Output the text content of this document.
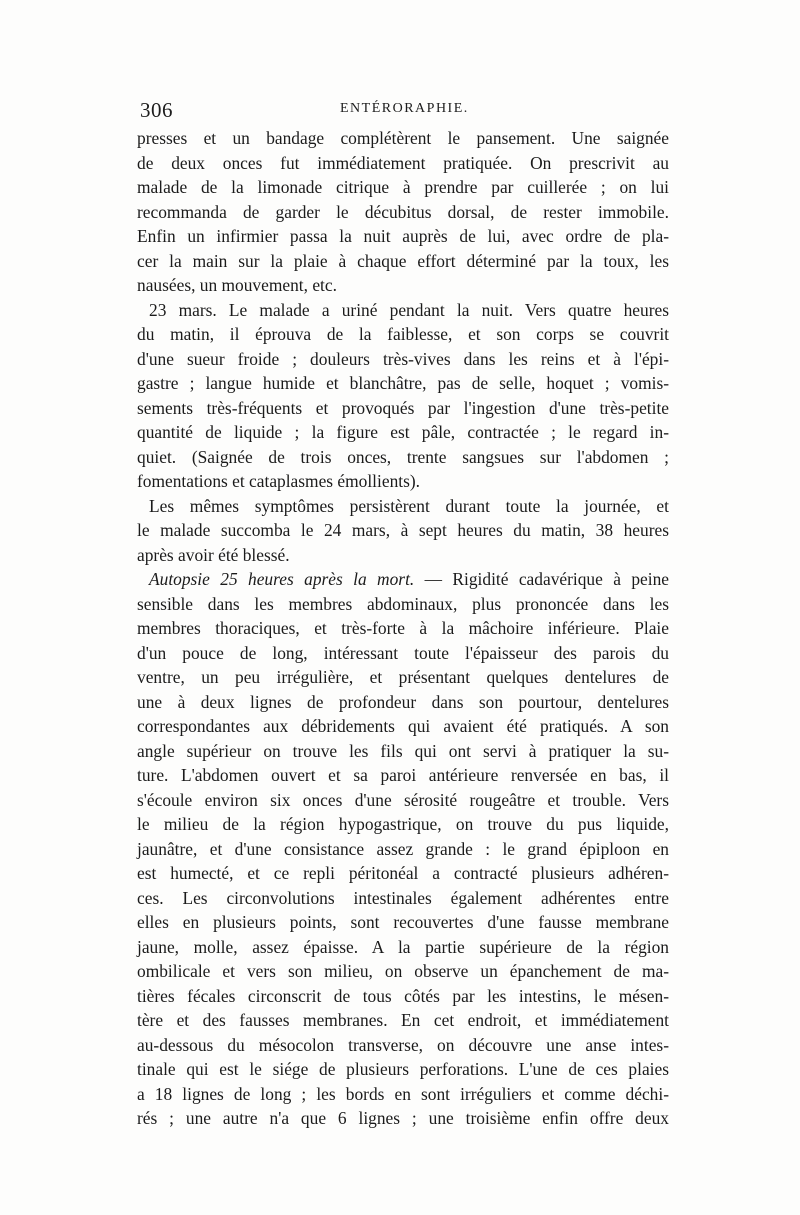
306	ENTÉRORAPHIE.
presses et un bandage complétèrent le pansement. Une saignée
de deux onces fut immédiatement pratiquée. On prescrivit au
malade de la limonade citrique à prendre par cuillerée ; on lui
recommanda de garder le décubitus dorsal, de rester immobile.
Enfin un infirmier passa la nuit auprès de lui, avec ordre de pla-
cer la main sur la plaie à chaque effort déterminé par la toux, les
nausées, un mouvement, etc.
23 mars. Le malade a uriné pendant la nuit. Vers quatre heures
du matin, il éprouva de la faiblesse, et son corps se couvrit
d'une sueur froide ; douleurs très-vives dans les reins et à l'épi-
gastre ; langue humide et blanchâtre, pas de selle, hoquet ; vomis-
sements très-fréquents et provoqués par l'ingestion d'une très-petite
quantité de liquide ; la figure est pâle, contractée ; le regard in-
quiet. (Saignée de trois onces, trente sangsues sur l'abdomen ;
fomentations et cataplasmes émollients).
Les mêmes symptômes persistèrent durant toute la journée, et
le malade succomba le 24 mars, à sept heures du matin, 38 heures
après avoir été blessé.
Autopsie 25 heures après la mort. — Rigidité cadavérique à peine
sensible dans les membres abdominaux, plus prononcée dans les
membres thoraciques, et très-forte à la mâchoire inférieure. Plaie
d'un pouce de long, intéressant toute l'épaisseur des parois du
ventre, un peu irrégulière, et présentant quelques dentelures de
une à deux lignes de profondeur dans son pourtour, dentelures
correspondantes aux débridements qui avaient été pratiqués. A son
angle supérieur on trouve les fils qui ont servi à pratiquer la su-
ture. L'abdomen ouvert et sa paroi antérieure renversée en bas, il
s'écoule environ six onces d'une sérosité rougeâtre et trouble. Vers
le milieu de la région hypogastrique, on trouve du pus liquide,
jaunâtre, et d'une consistance assez grande : le grand épiploon en
est humecté, et ce repli péritonéal a contracté plusieurs adhéren-
ces. Les circonvolutions intestinales également adhérentes entre
elles en plusieurs points, sont recouvertes d'une fausse membrane
jaune, molle, assez épaisse. A la partie supérieure de la région
ombilicale et vers son milieu, on observe un épanchement de ma-
tières fécales circonscrit de tous côtés par les intestins, le mésen-
tère et des fausses membranes. En cet endroit, et immédiatement
au-dessous du mésocolon transverse, on découvre une anse intes-
tinale qui est le siége de plusieurs perforations. L'une de ces plaies
a 18 lignes de long ; les bords en sont irréguliers et comme déchi-
rés ; une autre n'a que 6 lignes ; une troisième enfin offre deux
